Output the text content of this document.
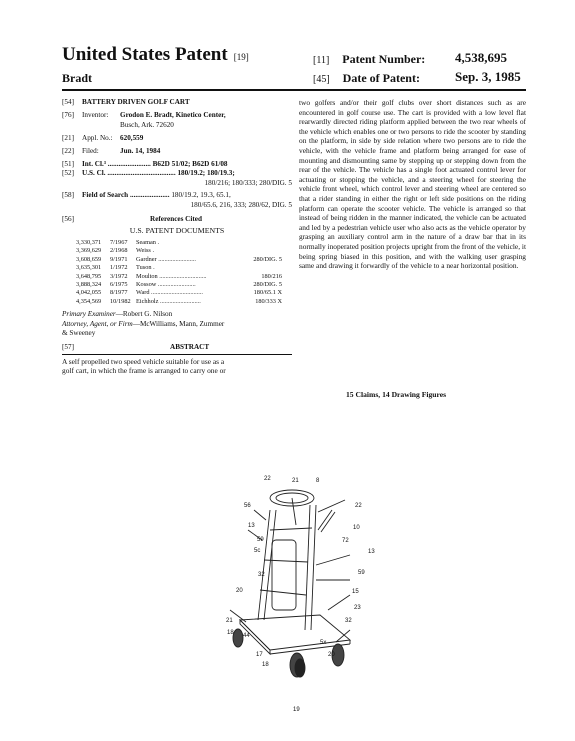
United States Patent [19]
Bradt
[11] Patent Number: 4,538,695
[45] Date of Patent:	Sep. 3, 1985
[54] BATTERY DRIVEN GOLF CART
[76] Inventor: Grodon E. Bradt, Kinetico Center,
Busch, Ark. 72620
[21] Appl. No.: 620,559
[22] Filed:	Jun. 14, 1984
[51] Int. Cl.³ ........................ B62D 51/02; B62D 61/08
[52] U.S. Cl. ...................................... 180/19.2; 180/19.3;
180/216; 180/333; 280/DIG. 5
[58] Field of Search ...................... 180/19.2, 19.3, 65.1,
180/65.6, 216, 333; 280/62, DIG. 5
[56]	References Cited
U.S. PATENT DOCUMENTS
3,330,371	7/1967	Seaman .
3,369,629	2/1968	Weiss .
3,608,659	9/1971	Gardner ........................	280/DIG. 5
3,635,301	1/1972	Tuson .
3,648,795	3/1972	Moulton ..............................	180/216
3,888,324	6/1975	Kossow ........................	280/DIG. 5
4,042,055	8/1977	Ward .................................	180/65.1 X
4,354,569	10/1982 Eichholz ..........................	180/333 X
Primary Examiner—Robert G. Nilson
Attorney, Agent, or Firm—McWilliams, Mann, Zummer
& Sweeney
[57]	ABSTRACT
A self propelled two speed vehicle suitable for use as a
golf cart, in which the frame is arranged to carry one or
two golfers and/or their golf clubs over short distances such as are encountered in golf course use. The cart is provided with a low level flat rearwardly directed riding platform applied between the two rear wheels of the vehicle which enables one or two persons to ride the scooter by standing on the platform, in side by side relation where two persons are to ride the vehicle, with the vehicle frame and platform being arranged for ease of mounting and dismounting same by stepping up or stepping down from the rear of the vehicle. The vehicle has a single foot actuated control lever for actuating or stopping the vehicle, and a steering wheel for steering the vehicle front wheel, which control lever and steering wheel are centered so that a rider standing in either the right or left side positions on the riding platform can operate the scooter vehicle. The vehicle is arranged so that instead of being ridden in the manner indicated, the vehicle can be actuated and led by a pedestrian vehicle user who also acts as the vehicle operator by grasping an auxiliary control arm in the nature of a draw bar that in its normally inoperated position projects upright from the front of the vehicle, it being spring biased in this position, and with the walking user grasping same and drawing it forwardly of the vehicle to a near horizontal position.
15 Claims, 14 Drawing Figures
22	21	8
56
13
22
10
59	72
5c	13
32	59
20	15
23
21	32
18 44
5x
17	20
18
19
